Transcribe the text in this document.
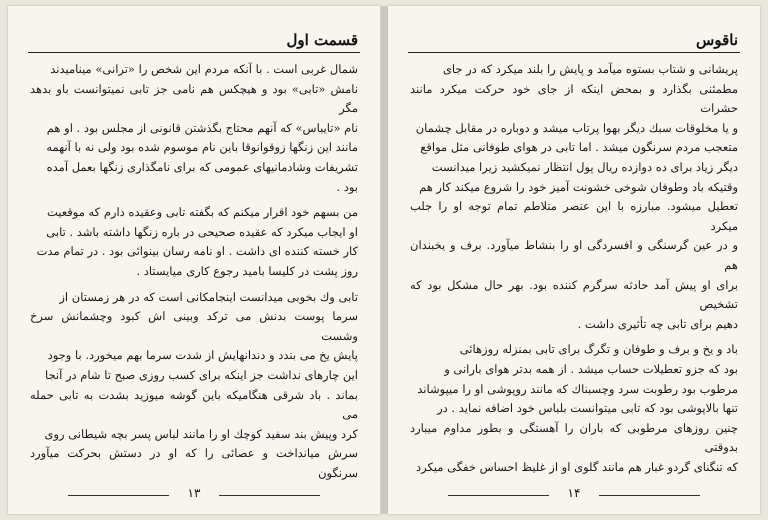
قسمت اول

شمال غربی است . با آنکه مردم این شخص را «ترانی» مینامیدند
نامش «تابی» بود و هیچکس هم نامی جز تابی نمیتوانست باو بدهد مگر
نام «تایباس» که آنهم محتاج بگذشتن قانونی از مجلس بود . او هم
مانند این زنگها زوقوانوقا باین نام موسوم شده بود ولی نه با آنهمه
تشریفات وشادمانیهای عمومی که برای نامگذاری زنگها بعمل آمده
بود .

من بسهم خود اقرار میکنم که بگفته تابی وعقیده دارم که موقعیت
او ایجاب میکرد که عقیده صحیحی در باره زنگها داشته باشد . تابی
کار خسته کننده ای داشت . او نامه رسان بینوائی بود . در تمام مدت
روز پشت در کلیسا بامید رجوع کاری میایستاد .

تابی وك بخوبی میدانست اینجامکانی است که در هر زمستان از
سرما پوست بدنش می ترکد وبینی اش کبود وچشمانش سرخ وشست
پایش یخ می بندد و دندانهایش از شدت سرما بهم میخورد. با وجود
این چارهای نداشت جز اینکه برای کسب روزی صبح تا شام در آنجا
بماند . باد شرقی هنگامیکه باین گوشه میوزید بشدت به تابی حمله می
کرد وپیش بند سفید کوچك او را مانند لباس پسر بچه شیطانی روی
سرش میانداخت و عصائی را که او در دستش بحرکت میآورد سرنگون

۱۳
ناقوس

پریشانی و شتاب بستوه میآمد و پایش را بلند میکرد که در جای
مطمئنی بگذارد و بمحض اینکه از جای خود حرکت میکرد مانند حشرات
و یا مخلوقات سبك دیگر بهوا پرتاب میشد و دوباره در مقابل چشمان
متعجب مردم سرنگون میشد . اما تابی در هوای طوفانی مثل مواقع
دیگر زیاد برای ده دوازده ریال پول انتظار نمیکشید زیرا میدانست
وقتیکه باد وطوفان شوخی خشونت آمیز خود را شروع میکند کار هم
تعطیل میشود. مبارزه با این عنصر متلاطم تمام توجه او را جلب میکرد
و در عین گرسنگی و افسردگی او را بنشاط میآورد. برف و یخبندان هم
برای او پیش آمد حادثه سرگرم کننده بود. بهر حال مشکل بود که تشخیص
دهیم برای تابی چه تأثیری داشت .

باد و یخ و برف و طوفان و تگرگ برای تابی بمنزله روزهائی
بود که جزو تعطیلات حساب میشد . از همه بدتر هوای بارانی و
مرطوب بود رطوبت سرد وچسبناك که مانند روپوشی او را میپوشاند
تنها بالاپوشی بود که تابی میتوانست بلباس خود اضافه نماید . در
چنین روزهای مرطوبی که باران را آهستگی و بطور مداوم میبارد بدوقتی
که تنگنای گردو غبار هم مانند گلوی او از غلیظ احساس خفگی میکرد

۱۴
